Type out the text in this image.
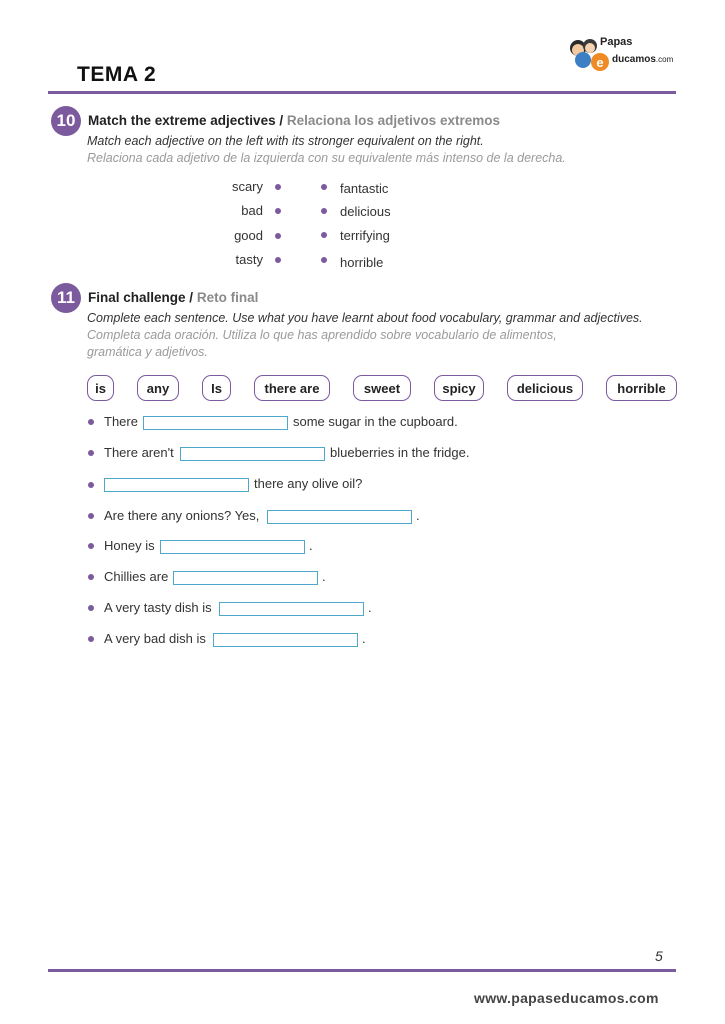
TEMA 2
e
Papas
ducamos.com
10 Match the extreme adjectives / Relaciona los adjetivos extremos
Match each adjective on the left with its stronger equivalent on the right.
Relaciona cada adjetivo de la izquierda con su equivalente más intenso de la derecha.
scary
bad
good
tasty
fantastic
delicious
terrifying
horrible
11 Final challenge / Reto final
Complete each sentence. Use what you have learnt about food vocabulary, grammar and adjectives.
Completa cada oración. Utiliza lo que has aprendido sobre vocabulario de alimentos, gramática y adjetivos.
is	any	Is	there are	sweet	spicy	delicious	horrible
There	some sugar in the cupboard.
There aren't	blueberries in the fridge.
there any olive oil?
Are there any onions? Yes,	.
Honey is	.
Chillies are	.
A very tasty dish is	.
A very bad dish is	.
5
www.papaseducamos.com
